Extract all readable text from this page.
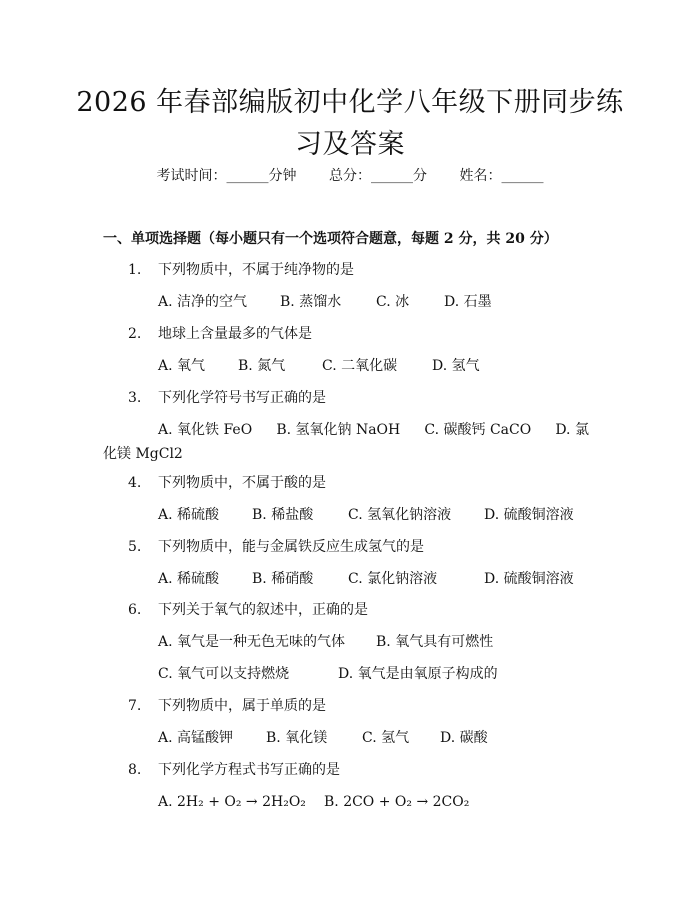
2026 年春部编版初中化学八年级下册同步练
习及答案
考试时间：______分钟 总分：______分 姓名：______
一、单项选择题（每小题只有一个选项符合题意，每题 2 分，共 20 分）
1. 下列物质中，不属于纯净物的是
A. 洁净的空气 B. 蒸馏水 C. 冰 D. 石墨
2. 地球上含量最多的气体是
A. 氧气 B. 氮气	C. 二氧化碳 D. 氢气
3. 下列化学符号书写正确的是
A. 氧化铁 FeO B. 氢氧化钠 NaOH C. 碳酸钙 CaCO D. 氯
化镁 MgCl2
4. 下列物质中，不属于酸的是
A. 稀硫酸 B. 稀盐酸 C. 氢氧化钠溶液 D. 硫酸铜溶液
5. 下列物质中，能与金属铁反应生成氢气的是
A. 稀硫酸 B. 稀硝酸 C. 氯化钠溶液	D. 硫酸铜溶液
6. 下列关于氧气的叙述中，正确的是
A. 氧气是一种无色无味的气体 B. 氧气具有可燃性
C. 氧气可以支持燃烧	D. 氧气是由氧原子构成的
7. 下列物质中，属于单质的是
A. 高锰酸钾 B. 氧化镁 C. 氢气 D. 碳酸
8. 下列化学方程式书写正确的是
A. 2H₂ + O₂ → 2H₂O₂ B. 2CO + O₂ → 2CO₂
